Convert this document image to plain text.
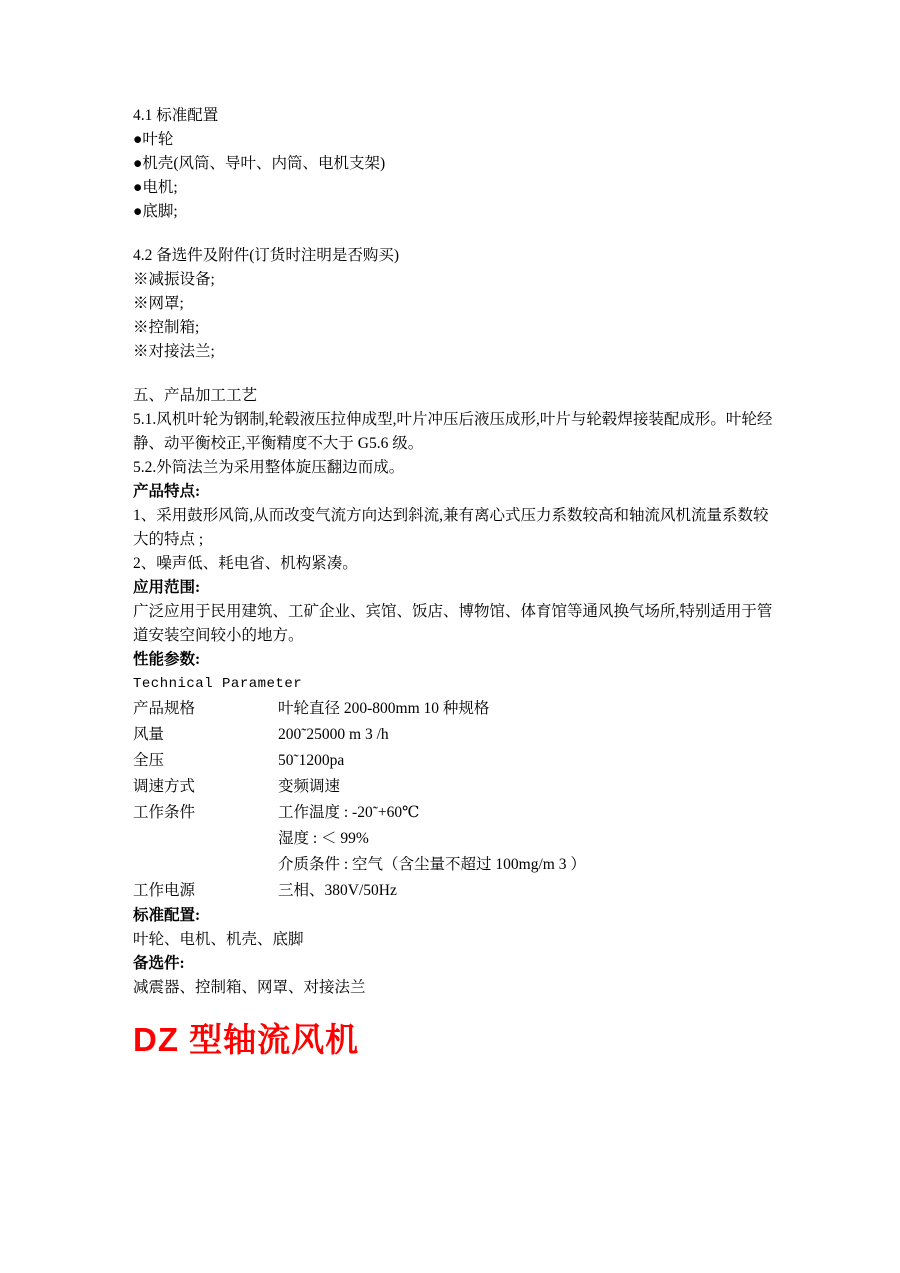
4.1 标准配置
●叶轮
●机壳(风筒、导叶、内筒、电机支架)
●电机;
●底脚;
4.2 备选件及附件(订货时注明是否购买)
※减振设备;
※网罩;
※控制箱;
※对接法兰;
五、产品加工工艺
5.1.风机叶轮为钢制,轮毂液压拉伸成型,叶片冲压后液压成形,叶片与轮毂焊接装配成形。叶轮经静、动平衡校正,平衡精度不大于 G5.6 级。
5.2.外筒法兰为采用整体旋压翻边而成。
产品特点:
1、采用鼓形风筒,从而改变气流方向达到斜流,兼有离心式压力系数较高和轴流风机流量系数较大的特点 ;
2、噪声低、耗电省、机构紧凑。
应用范围:
广泛应用于民用建筑、工矿企业、宾馆、饭店、博物馆、体育馆等通风换气场所,特别适用于管道安装空间较小的地方。
性能参数:
Technical Parameter
产品规格	叶轮直径 200-800mm 10 种规格
风量	200˜25000 m 3 /h
全压	50˜1200pa
调速方式	变频调速
工作条件	工作温度 : -20˜+60℃
	湿度 : ＜ 99%
	介质条件 : 空气（含尘量不超过 100mg/m 3 ）
工作电源	三相、380V/50Hz
标准配置:
叶轮、电机、机壳、底脚
备选件:
减震器、控制箱、网罩、对接法兰
DZ 型轴流风机
